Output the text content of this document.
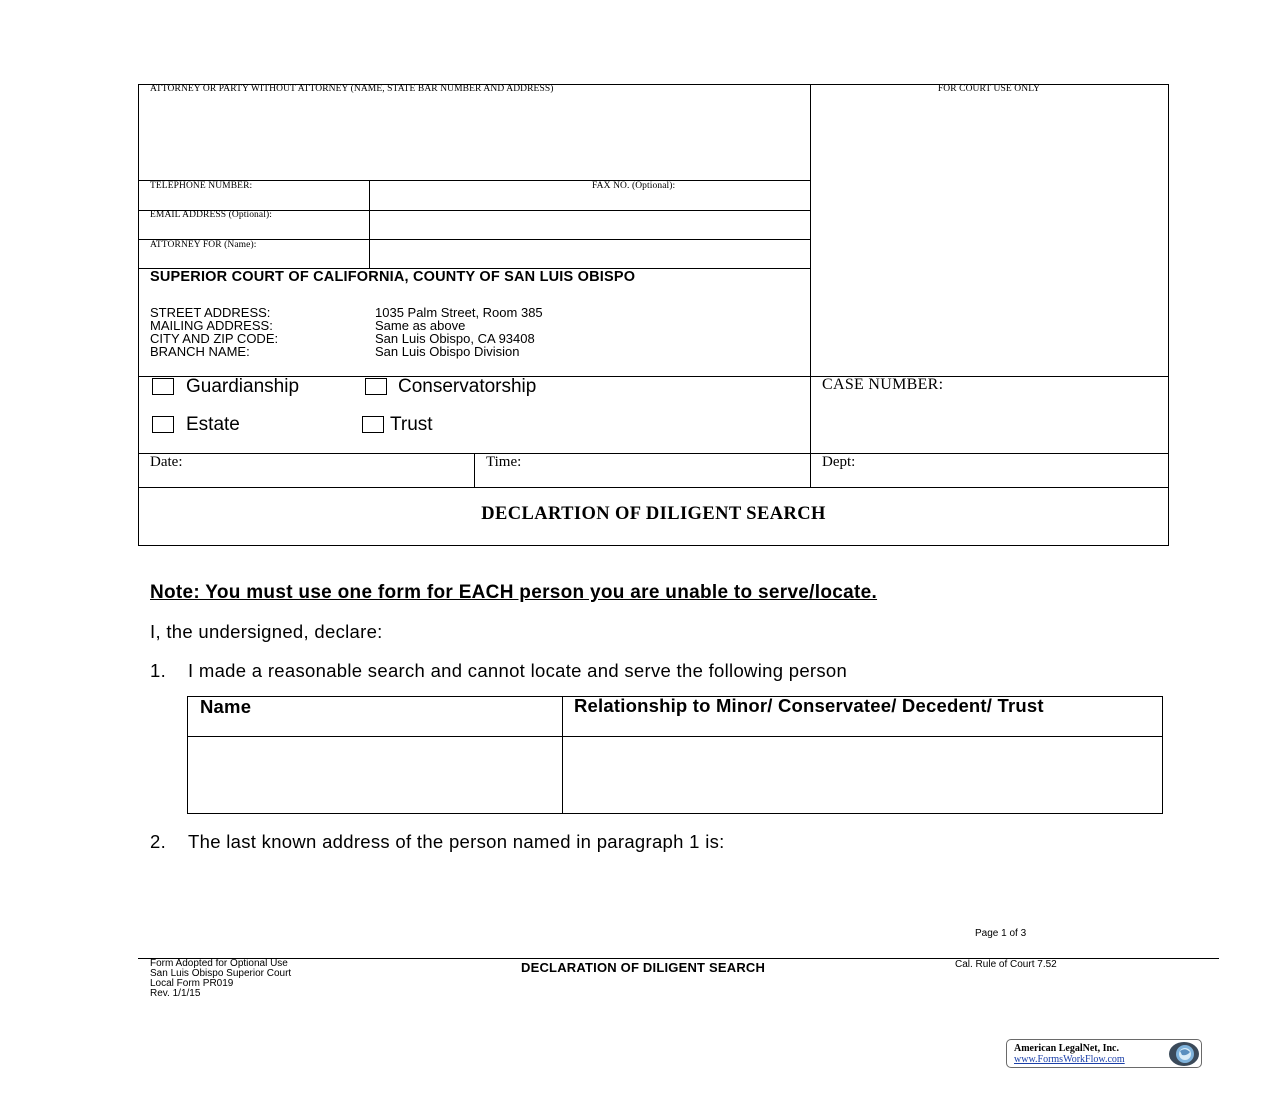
ATTORNEY OR PARTY WITHOUT ATTORNEY (NAME, STATE BAR NUMBER AND ADDRESS)	FOR COURT USE ONLY
TELEPHONE NUMBER:	FAX NO. (Optional):
EMAIL ADDRESS (Optional):
ATTORNEY FOR (Name):
SUPERIOR COURT OF CALIFORNIA, COUNTY OF SAN LUIS OBISPO
STREET ADDRESS:	1035 Palm Street, Room 385
MAILING ADDRESS:	Same as above
CITY AND ZIP CODE:	San Luis Obispo, CA 93408
BRANCH NAME:	San Luis Obispo Division
Guardianship	Conservatorship
Estate	Trust
CASE NUMBER:
Date:	Time:	Dept:
DECLARTION OF DILIGENT SEARCH
Note: You must use one form for EACH person you are unable to serve/locate.
I, the undersigned, declare:
1. I made a reasonable search and cannot locate and serve the following person
Name	Relationship to Minor/ Conservatee/ Decedent/ Trust
2. The last known address of the person named in paragraph 1 is:
Page 1 of 3
Form Adopted for Optional Use
San Luis Obispo Superior Court
Local Form PR019
Rev. 1/1/15
DECLARATION OF DILIGENT SEARCH	Cal. Rule of Court 7.52
American LegalNet, Inc.
www.FormsWorkFlow.com
